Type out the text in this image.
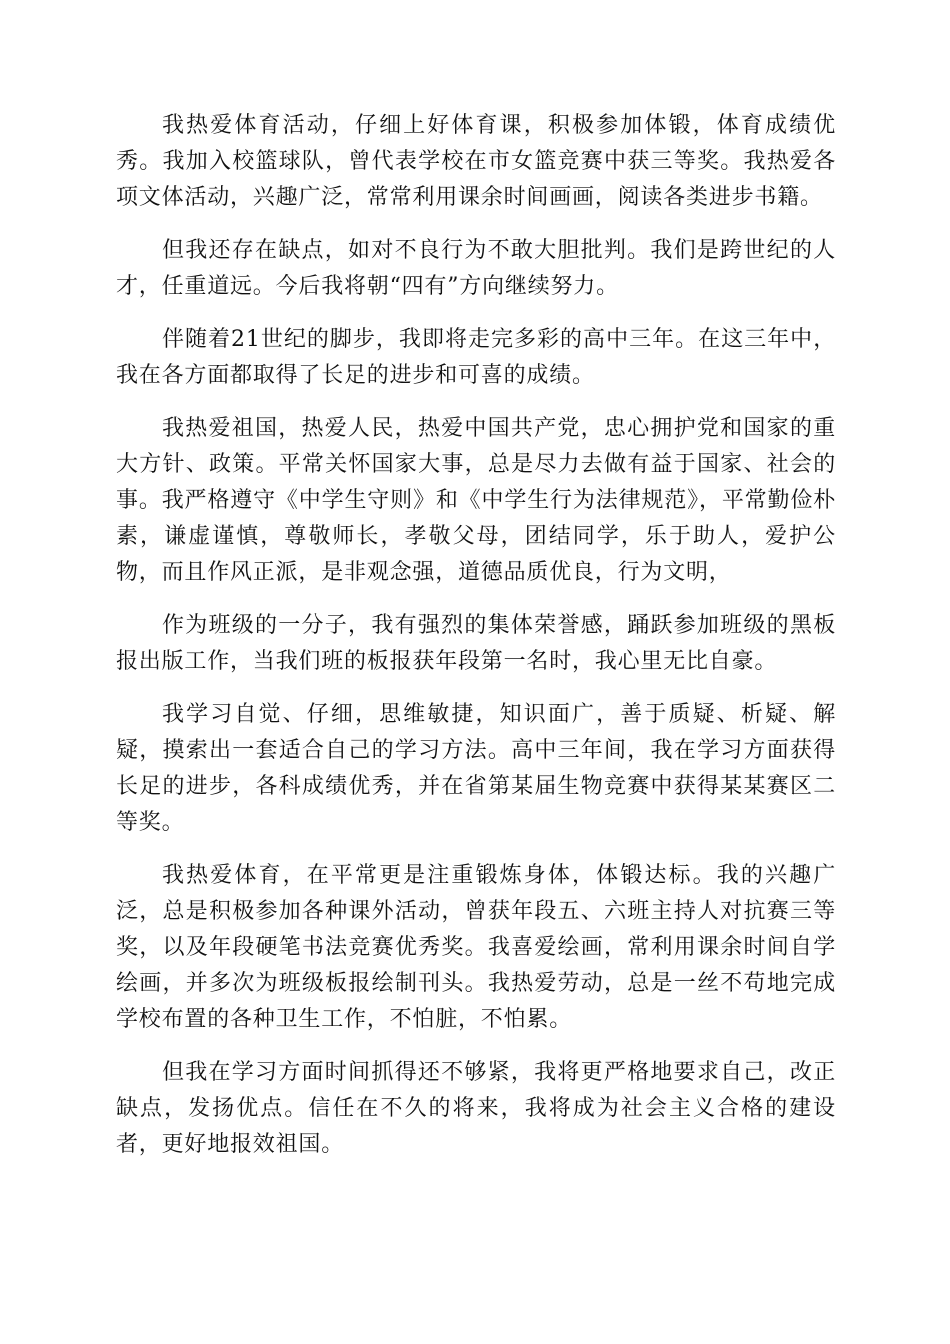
我热爱体育活动，仔细上好体育课，积极参加体锻，体育成绩优秀。我加入校篮球队，曾代表学校在市女篮竞赛中获三等奖。我热爱各项文体活动，兴趣广泛，常常利用课余时间画画，阅读各类进步书籍。

但我还存在缺点，如对不良行为不敢大胆批判。我们是跨世纪的人才，任重道远。今后我将朝“四有”方向继续努力。

伴随着21世纪的脚步，我即将走完多彩的高中三年。在这三年中，我在各方面都取得了长足的进步和可喜的成绩。

我热爱祖国，热爱人民，热爱中国共产党，忠心拥护党和国家的重大方针、政策。平常关怀国家大事，总是尽力去做有益于国家、社会的事。我严格遵守《中学生守则》和《中学生行为法律规范》，平常勤俭朴素，谦虚谨慎，尊敬师长，孝敬父母，团结同学，乐于助人，爱护公物，而且作风正派，是非观念强，道德品质优良，行为文明，

作为班级的一分子，我有强烈的集体荣誉感，踊跃参加班级的黑板报出版工作，当我们班的板报获年段第一名时，我心里无比自豪。

我学习自觉、仔细，思维敏捷，知识面广，善于质疑、析疑、解疑，摸索出一套适合自己的学习方法。高中三年间，我在学习方面获得长足的进步，各科成绩优秀，并在省第某届生物竞赛中获得某某赛区二等奖。

我热爱体育，在平常更是注重锻炼身体，体锻达标。我的兴趣广泛，总是积极参加各种课外活动，曾获年段五、六班主持人对抗赛三等奖，以及年段硬笔书法竞赛优秀奖。我喜爱绘画，常利用课余时间自学绘画，并多次为班级板报绘制刊头。我热爱劳动，总是一丝不苟地完成学校布置的各种卫生工作，不怕脏，不怕累。

但我在学习方面时间抓得还不够紧，我将更严格地要求自己，改正缺点，发扬优点。信任在不久的将来，我将成为社会主义合格的建设者，更好地报效祖国。
